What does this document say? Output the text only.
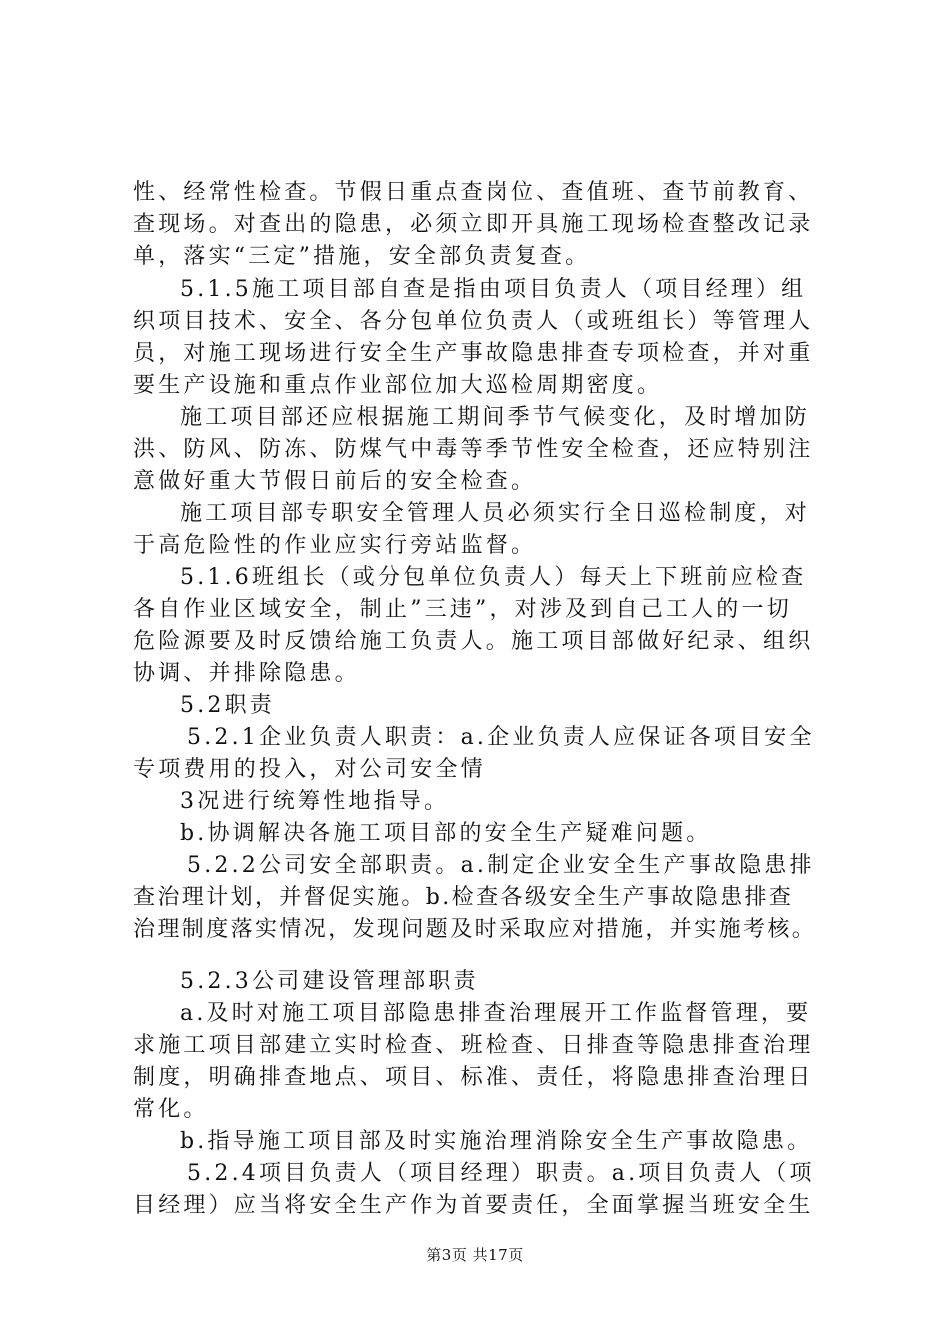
性、经常性检查。节假日重点查岗位、查值班、查节前教育、
查现场。对查出的隐患，必须立即开具施工现场检查整改记录
单，落实“三定”措施，安全部负责复查。
5.1.5施工项目部自查是指由项目负责人（项目经理）组
织项目技术、安全、各分包单位负责人（或班组长）等管理人
员，对施工现场进行安全生产事故隐患排查专项检查，并对重
要生产设施和重点作业部位加大巡检周期密度。
施工项目部还应根据施工期间季节气候变化，及时增加防
洪、防风、防冻、防煤气中毒等季节性安全检查，还应特别注
意做好重大节假日前后的安全检查。
施工项目部专职安全管理人员必须实行全日巡检制度，对
于高危险性的作业应实行旁站监督。
5.1.6班组长（或分包单位负责人）每天上下班前应检查
各自作业区域安全，制止”三违”，对涉及到自己工人的一切
危险源要及时反馈给施工负责人。施工项目部做好纪录、组织
协调、并排除隐患。
5.2职责
5.2.1企业负责人职责：a.企业负责人应保证各项目安全
专项费用的投入，对公司安全情
3况进行统筹性地指导。
b.协调解决各施工项目部的安全生产疑难问题。
5.2.2公司安全部职责。a.制定企业安全生产事故隐患排
查治理计划，并督促实施。b.检查各级安全生产事故隐患排查
治理制度落实情况，发现问题及时采取应对措施，并实施考核。
5.2.3公司建设管理部职责
a.及时对施工项目部隐患排查治理展开工作监督管理，要
求施工项目部建立实时检查、班检查、日排查等隐患排查治理
制度，明确排查地点、项目、标准、责任，将隐患排查治理日
常化。
b.指导施工项目部及时实施治理消除安全生产事故隐患。
5.2.4项目负责人（项目经理）职责。a.项目负责人（项
目经理）应当将安全生产作为首要责任，全面掌握当班安全生
第3页 共17页
